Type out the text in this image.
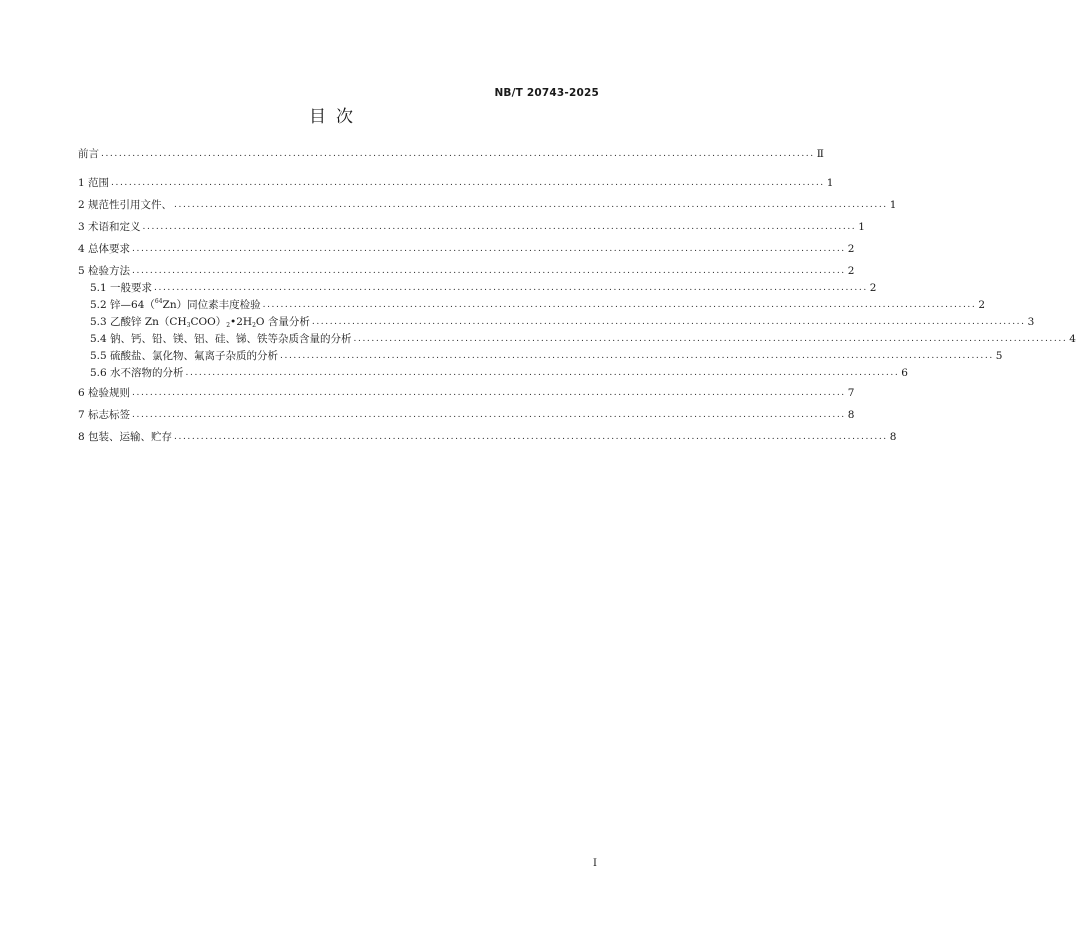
NB/T 20743-2025
目次
前言 ................................................................................................................................................................ Ⅱ
1 范围 ................................................................................................................................................................ 1
2 规范性引用文件、 ................................................................................................................................................................ 1
3 术语和定义 ................................................................................................................................................................ 1
4 总体要求 ................................................................................................................................................................ 2
5 检验方法 ................................................................................................................................................................ 2
5.1 一般要求 ................................................................................................................................................................ 2
5.2 锌—64（$^{64}$Zn）同位素丰度检验 ................................................................................................................................................................ 2
5.3 乙酸锌 $Zn(CH_3COO)_2•2H_2O$ 含量分析 ................................................................................................................................................................ 3
5.4 钠、钙、铅、镁、铝、硅、锑、铁等杂质含量的分析 ................................................................................................................................................................ 4
5.5 硫酸盐、氯化物、氟离子杂质的分析 ................................................................................................................................................................ 5
5.6 水不溶物的分析 ................................................................................................................................................................ 6
6 检验规则 ................................................................................................................................................................ 7
7 标志标签 ................................................................................................................................................................ 8
8 包装、运输、贮存 ................................................................................................................................................................ 8
I
